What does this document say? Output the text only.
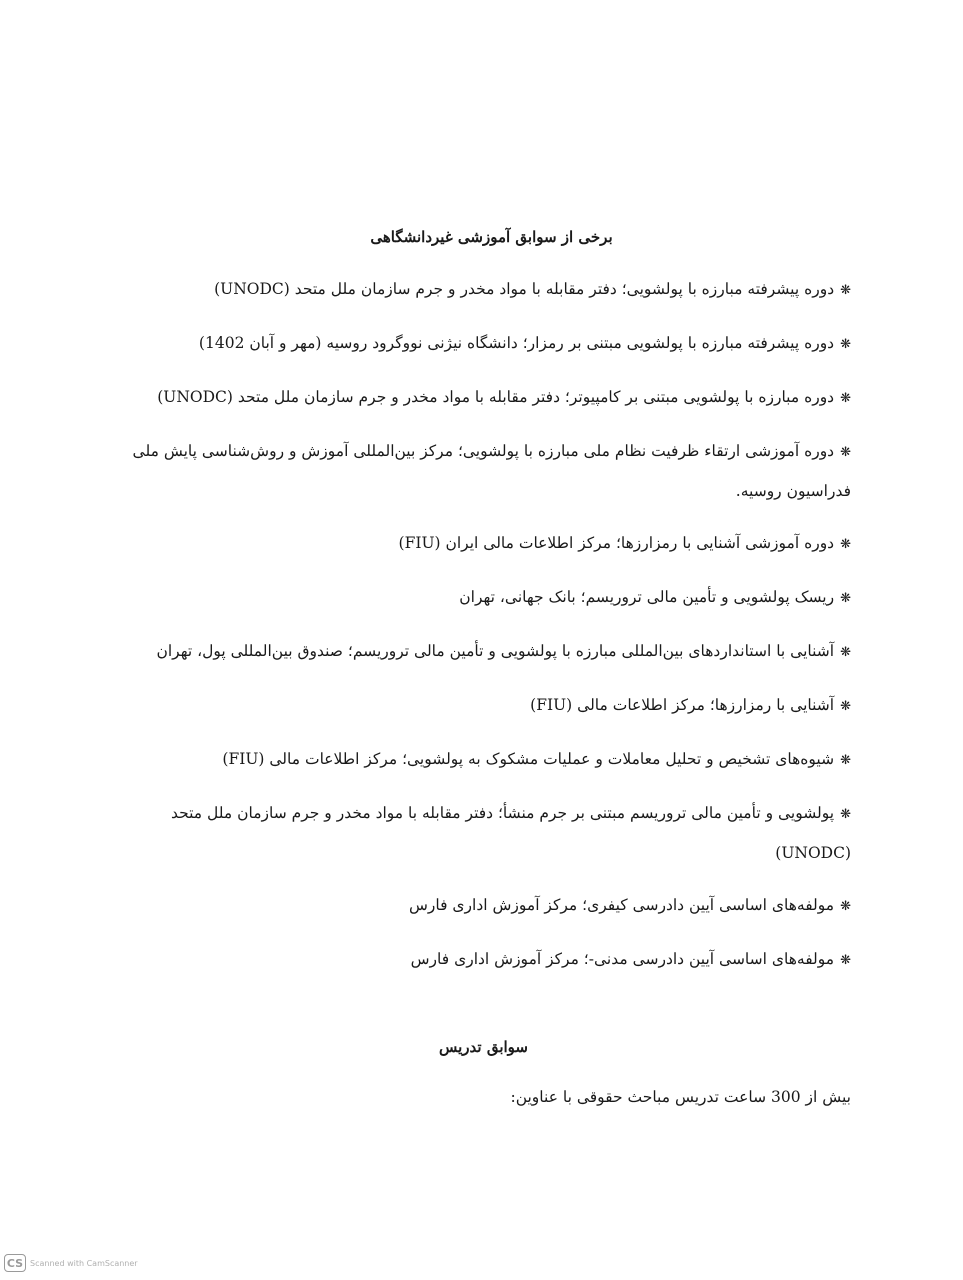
برخی از سوابق آموزشی غیردانشگاهی
❋دوره پیشرفته مبارزه با پولشویی؛ دفتر مقابله با مواد مخدر و جرم سازمان ملل متحد (UNODC)
❋دوره پیشرفته مبارزه با پولشویی مبتنی بر رمزار؛ دانشگاه نیژنی نووگرود روسیه (مهر و آبان 1402)
❋دوره مبارزه با پولشویی مبتنی بر کامپیوتر؛ دفتر مقابله با مواد مخدر و جرم سازمان ملل متحد (UNODC)
❋دوره آموزشی ارتقاء ظرفیت نظام ملی مبارزه با پولشویی؛ مرکز بین‌المللی آموزش و روش‌شناسی پایش ملی فدراسیون روسیه.
❋دوره آموزشی آشنایی با رمزارزها؛ مرکز اطلاعات مالی ایران (FIU)
❋ریسک پولشویی و تأمین مالی تروریسم؛ بانک جهانی، تهران
❋آشنایی با استانداردهای بین‌المللی مبارزه با پولشویی و تأمین مالی تروریسم؛ صندوق بین‌المللی پول، تهران
❋آشنایی با رمزارزها؛ مرکز اطلاعات مالی (FIU)
❋شیوه‌های تشخیص و تحلیل معاملات و عملیات مشکوک به پولشویی؛ مرکز اطلاعات مالی (FIU)
❋پولشویی و تأمین مالی تروریسم مبتنی بر جرم منشأ؛ دفتر مقابله با مواد مخدر و جرم سازمان ملل متحد (UNODC)
❋مولفه‌های اساسی آیین دادرسی کیفری؛ مرکز آموزش اداری فارس
❋مولفه‌های اساسی آیین دادرسی مدنی-؛ مرکز آموزش اداری فارس
سوابق تدریس
بیش از 300 ساعت تدریس مباحث حقوقی با عناوین:
CS Scanned with CamScanner
